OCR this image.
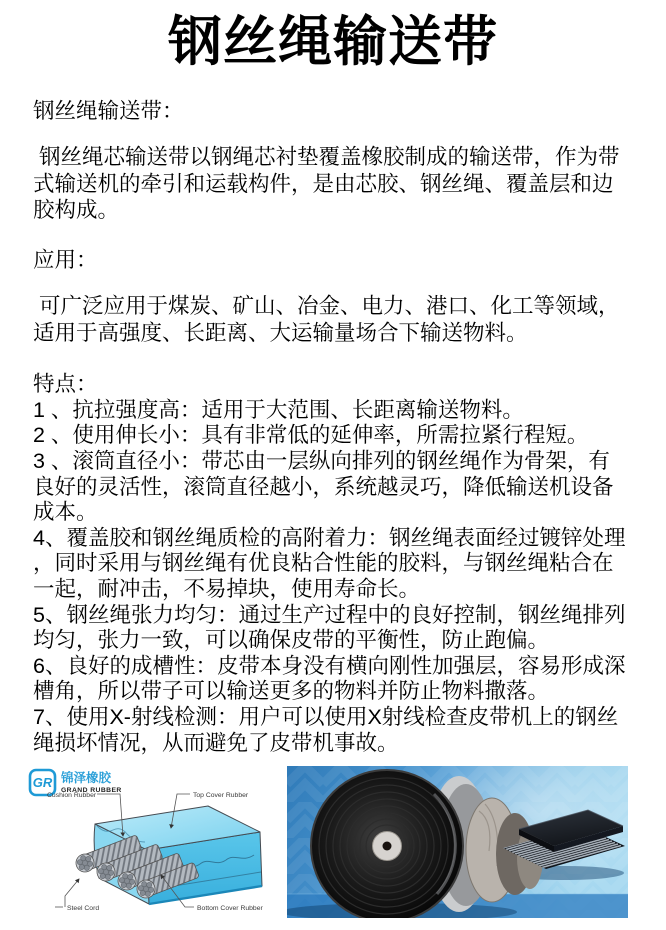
钢丝绳输送带
钢丝绳输送带：
钢丝绳芯输送带以钢绳芯衬垫覆盖橡胶制成的输送带，作为带
式输送机的牵引和运载构件，是由芯胶、钢丝绳、覆盖层和边
胶构成。
应用：
可广泛应用于煤炭、矿山、冶金、电力、港口、化工等领域，
适用于高强度、长距离、大运输量场合下输送物料。
特点：
1 、抗拉强度高：适用于大范围、长距离输送物料。
2 、使用伸长小：具有非常低的延伸率，所需拉紧行程短。
3 、滚筒直径小：带芯由一层纵向排列的钢丝绳作为骨架，有
良好的灵活性，滚筒直径越小，系统越灵巧，降低输送机设备
成本。
4、覆盖胶和钢丝绳质检的高附着力：钢丝绳表面经过镀锌处理
，同时采用与钢丝绳有优良粘合性能的胶料，与钢丝绳粘合在
一起，耐冲击，不易掉块，使用寿命长。
5、钢丝绳张力均匀：通过生产过程中的良好控制，钢丝绳排列
均匀，张力一致，可以确保皮带的平衡性，防止跑偏。
6、良好的成槽性：皮带本身没有横向刚性加强层，容易形成深
槽角，所以带子可以输送更多的物料并防止物料撒落。
7、使用X-射线检测：用户可以使用X射线检查皮带机上的钢丝
绳损坏情况，从而避免了皮带机事故。
GR 锦泽橡胶
GRAND RUBBER
Cushion Rubber	Top Cover Rubber
Steel Cord	Bottom Cover Rubber
